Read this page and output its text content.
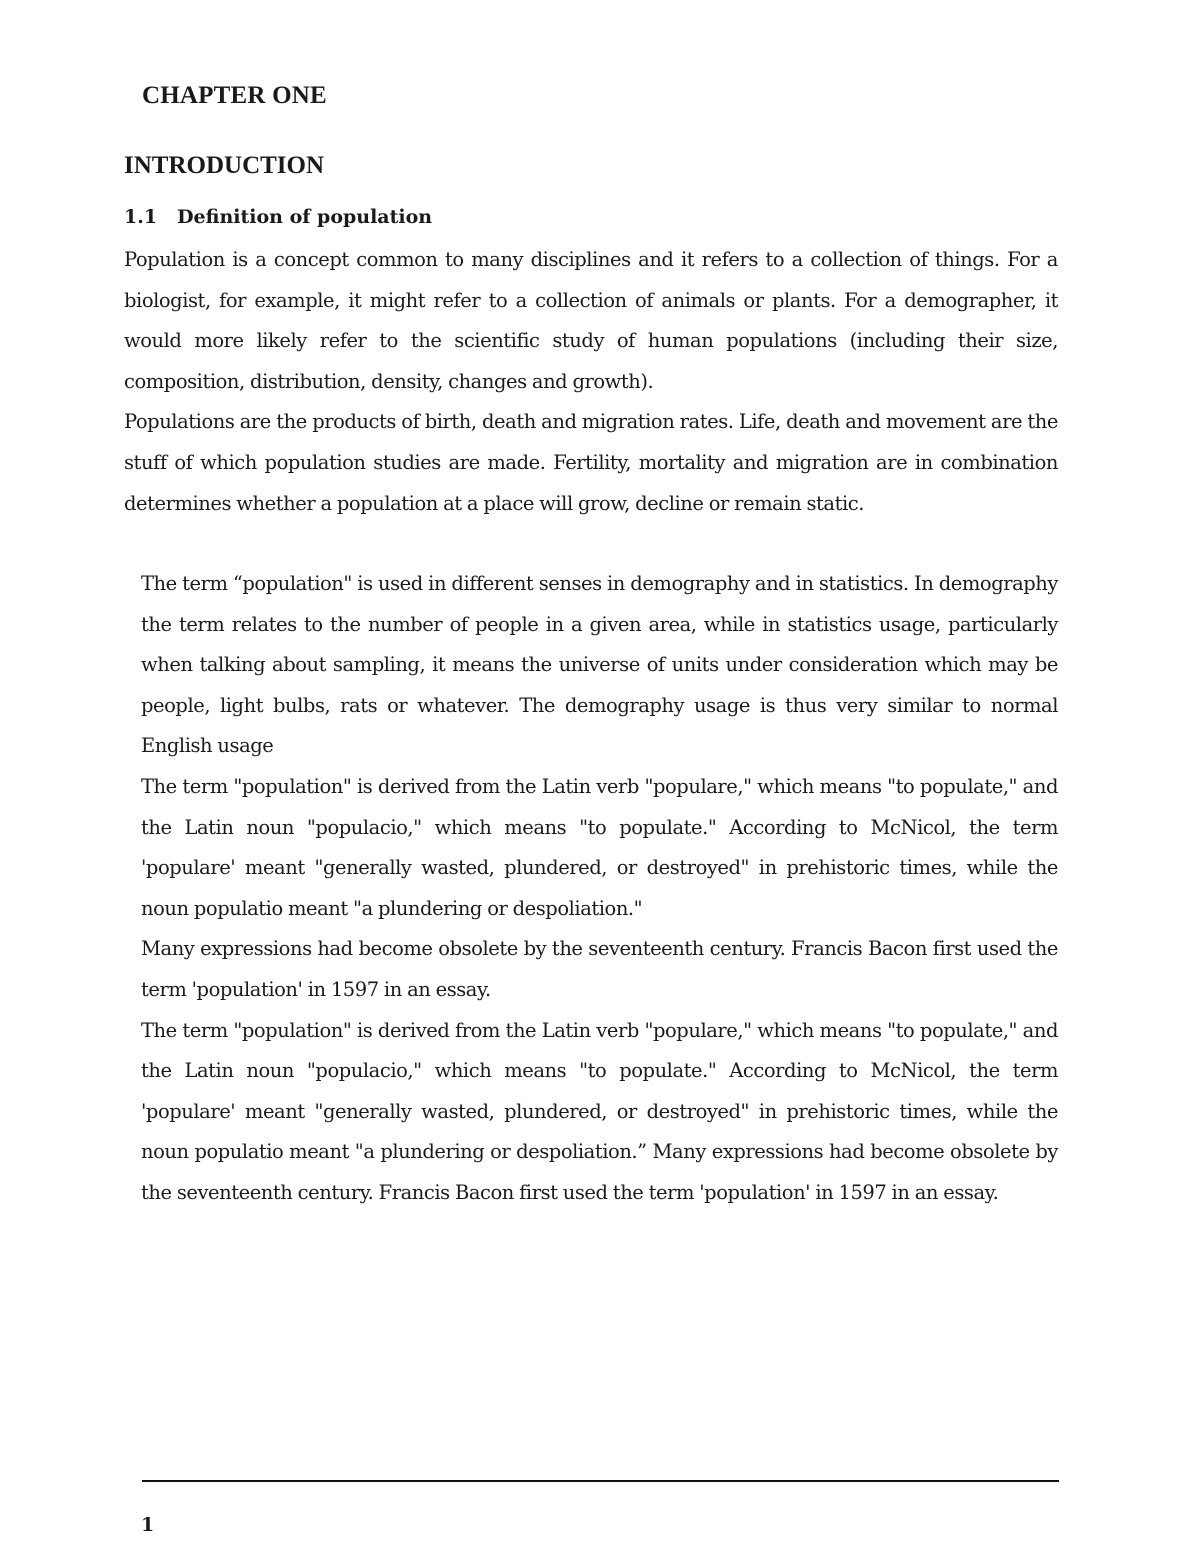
CHAPTER ONE
INTRODUCTION
1.1 Definition of population

Population is a concept common to many disciplines and it refers to a collection of things. For a biologist, for example, it might refer to a collection of animals or plants. For a demographer, it would more likely refer to the scientific study of human populations (including their size, composition, distribution, density, changes and growth).

Populations are the products of birth, death and migration rates. Life, death and movement are the stuff of which population studies are made. Fertility, mortality and migration are in combination determines whether a population at a place will grow, decline or remain static.

The term “population" is used in different senses in demography and in statistics. In demography the term relates to the number of people in a given area, while in statistics usage, particularly when talking about sampling, it means the universe of units under consideration which may be people, light bulbs, rats or whatever. The demography usage is thus very similar to normal English usage

The term "population" is derived from the Latin verb "populare," which means "to populate," and the Latin noun "populacio," which means "to populate." According to McNicol, the term 'populare' meant "generally wasted, plundered, or destroyed" in prehistoric times, while the noun populatio meant "a plundering or despoliation."

Many expressions had become obsolete by the seventeenth century. Francis Bacon first used the term 'population' in 1597 in an essay.

The term "population" is derived from the Latin verb "populare," which means "to populate," and the Latin noun "populacio," which means "to populate." According to McNicol, the term 'populare' meant "generally wasted, plundered, or destroyed" in prehistoric times, while the noun populatio meant "a plundering or despoliation.” Many expressions had become obsolete by the seventeenth century. Francis Bacon first used the term 'population' in 1597 in an essay.

1
